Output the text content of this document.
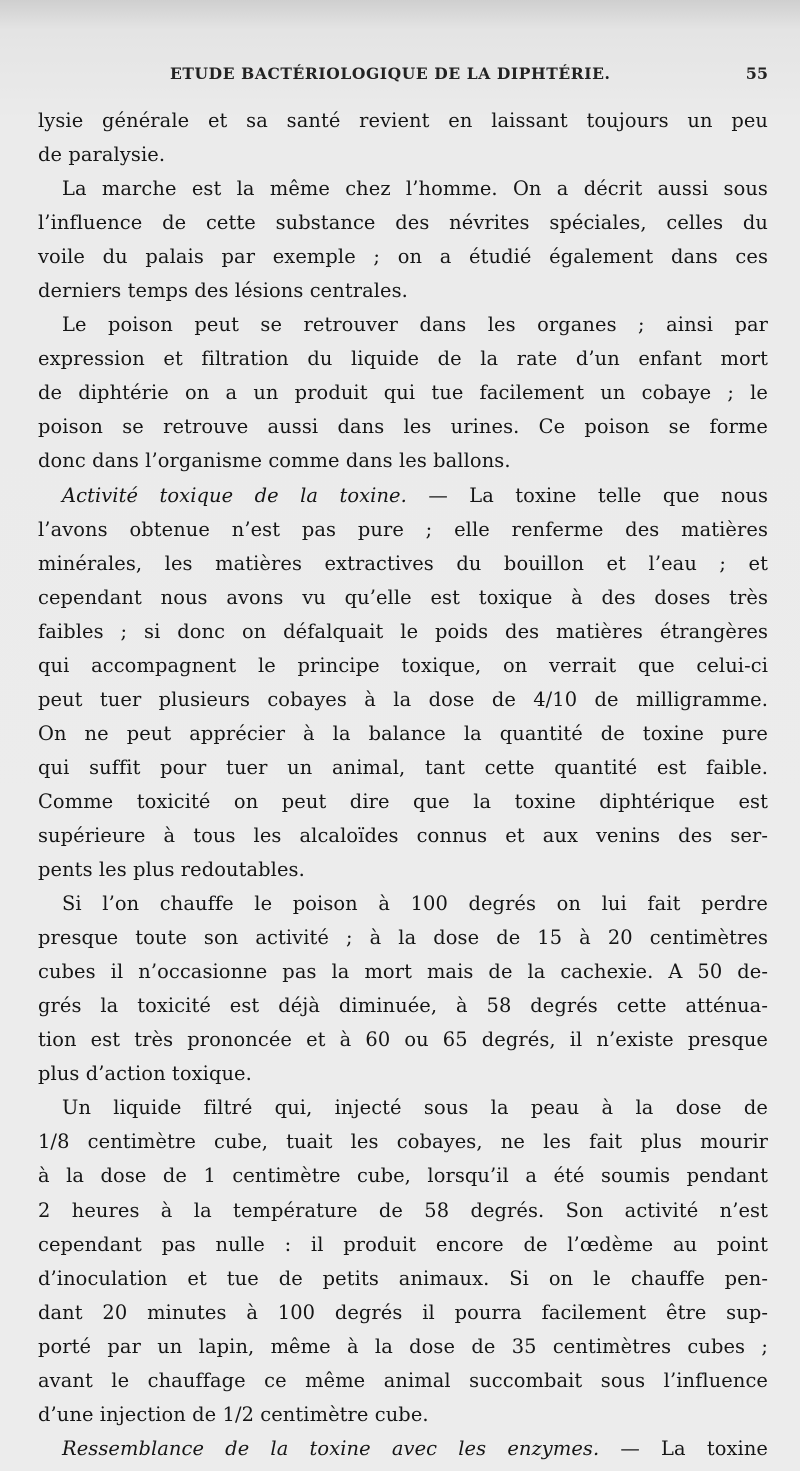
ETUDE BACTÉRIOLOGIQUE DE LA DIPHTÉRIE.	55
lysie générale et sa santé revient en laissant toujours un peu
de paralysie.
La marche est la même chez l’homme. On a décrit aussi sous
l’influence de cette substance des névrites spéciales, celles du
voile du palais par exemple ; on a étudié également dans ces
derniers temps des lésions centrales.
Le poison peut se retrouver dans les organes ; ainsi par
expression et filtration du liquide de la rate d’un enfant mort
de diphtérie on a un produit qui tue facilement un cobaye ; le
poison se retrouve aussi dans les urines. Ce poison se forme
donc dans l’organisme comme dans les ballons.
Activité toxique de la toxine. — La toxine telle que nous
l’avons obtenue n’est pas pure ; elle renferme des matières
minérales, les matières extractives du bouillon et l’eau ; et
cependant nous avons vu qu’elle est toxique à des doses très
faibles ; si donc on défalquait le poids des matières étrangères
qui accompagnent le principe toxique, on verrait que celui-ci
peut tuer plusieurs cobayes à la dose de 4/10 de milligramme.
On ne peut apprécier à la balance la quantité de toxine pure
qui suffit pour tuer un animal, tant cette quantité est faible.
Comme toxicité on peut dire que la toxine diphtérique est
supérieure à tous les alcaloïdes connus et aux venins des ser-
pents les plus redoutables.
Si l’on chauffe le poison à 100 degrés on lui fait perdre
presque toute son activité ; à la dose de 15 à 20 centimètres
cubes il n’occasionne pas la mort mais de la cachexie. A 50 de-
grés la toxicité est déjà diminuée, à 58 degrés cette atténua-
tion est très prononcée et à 60 ou 65 degrés, il n’existe presque
plus d’action toxique.
Un liquide filtré qui, injecté sous la peau à la dose de
1/8 centimètre cube, tuait les cobayes, ne les fait plus mourir
à la dose de 1 centimètre cube, lorsqu’il a été soumis pendant
2 heures à la température de 58 degrés. Son activité n’est
cependant pas nulle : il produit encore de l’œdème au point
d’inoculation et tue de petits animaux. Si on le chauffe pen-
dant 20 minutes à 100 degrés il pourra facilement être sup-
porté par un lapin, même à la dose de 35 centimètres cubes ;
avant le chauffage ce même animal succombait sous l’influence
d’une injection de 1/2 centimètre cube.
Ressemblance de la toxine avec les enzymes. — La toxine
